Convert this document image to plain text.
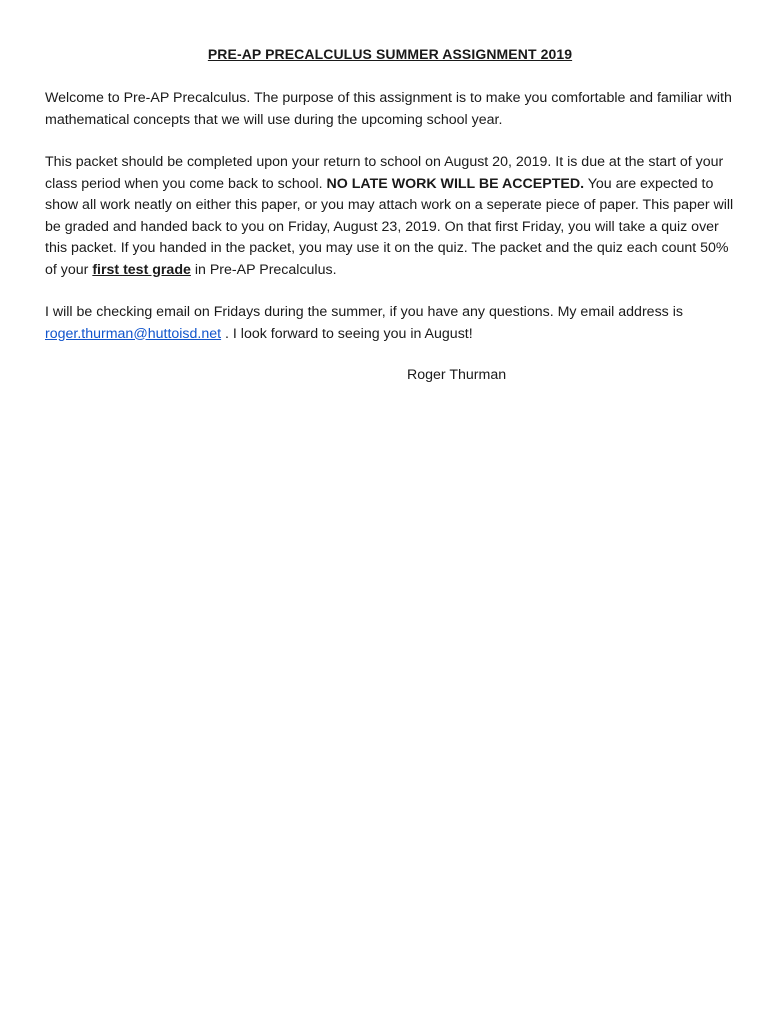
PRE-AP PRECALCULUS SUMMER ASSIGNMENT 2019

Welcome to Pre-AP Precalculus. The purpose of this assignment is to make you comfortable and familiar with mathematical concepts that we will use during the upcoming school year.

This packet should be completed upon your return to school on August 20, 2019. It is due at the start of your class period when you come back to school. NO LATE WORK WILL BE ACCEPTED. You are expected to show all work neatly on either this paper, or you may attach work on a seperate piece of paper. This paper will be graded and handed back to you on Friday, August 23, 2019. On that first Friday, you will take a quiz over this packet. If you handed in the packet, you may use it on the quiz. The packet and the quiz each count 50% of your first test grade in Pre-AP Precalculus.

I will be checking email on Fridays during the summer, if you have any questions. My email address is roger.thurman@huttoisd.net . I look forward to seeing you in August!

Roger Thurman
